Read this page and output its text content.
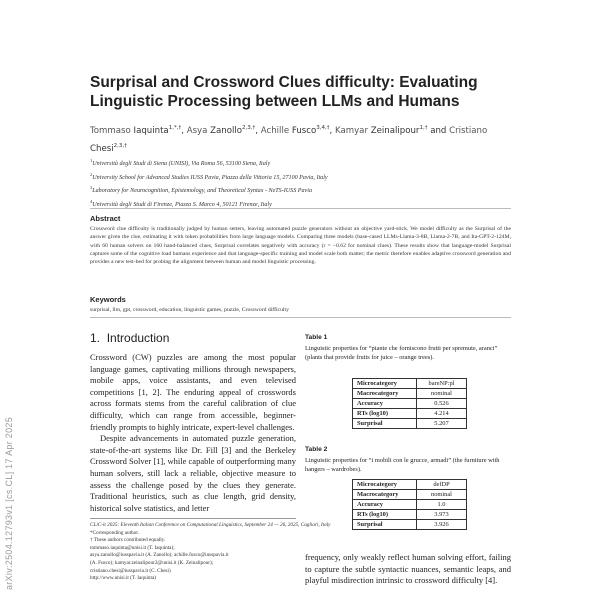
arXiv:2504.12793v1 [cs.CL] 17 Apr 2025
Surprisal and Crossword Clues difficulty: Evaluating Linguistic Processing between LLMs and Humans
Tommaso Iaquinta$^{1,*,\dagger}$, Asya Zanollo$^{2,3,\dagger}$, Achille Fusco$^{3,4,\dagger}$, Kamyar Zeinalipour$^{1,\dagger}$ and Cristiano Chesi$^{2,3,\dagger}$
$^1$Università degli Studi di Siena (UNISI), Via Roma 56, 53100 Siena, Italy
$^2$University School for Advanced Studies IUSS Pavia, Piazza della Vittoria 15, 27100 Pavia, Italy
$^3$Laboratory for Neurocognition, Epistemology, and Theoretical Syntax - NeTS-IUSS Pavia
$^4$Università degli Studi di Firenze, Piazza S. Marco 4, 50121 Firenze, Italy
Abstract
Crossword clue difficulty is traditionally judged by human setters, leaving automated puzzle generators without an objective yard-stick. We model difficulty as the Surprisal of the answer given the clue, estimating it with token probabilities from large language models. Comparing three models (base-cased LLMs-Llama-3-8B, Llama-2-7B, and Ita-GPT-2-124M, with 60 human solvers on 160 hand-balanced clues, Surprisal correlates negatively with accuracy (r = −0.62 for nominal clues). These results show that language-model Surprisal captures some of the cognitive load humans experience and that language-specific training and model scale both matter; the metric therefore enables adaptive crossword generation and provides a new test-bed for probing the alignment between human and model linguistic processing.
Keywords
surprisal, llm, gpt, crossword, education, linguistic games, puzzle, Crossword difficulty
1. Introduction

Crossword (CW) puzzles are among the most popular language games, captivating millions through newspapers, mobile apps, voice assistants, and even televised competitions [1, 2]. The enduring appeal of crosswords across formats stems from the careful calibration of clue difficulty, which can range from accessible, beginner-friendly prompts to highly intricate, expert-level challenges.

Despite advancements in automated puzzle generation, state-of-the-art systems like Dr. Fill [3] and the Berkeley Crossword Solver [1], while capable of outperforming many human solvers, still lack a reliable, objective measure to assess the challenge posed by the clues they generate. Traditional heuristics, such as clue length, grid density, historical solve statistics, and letter

CLiC-it 2025: Eleventh Italian Conference on Computational Linguistics, September 24 — 26, 2025, Cagliari, Italy
*Corresponding author.
† These authors contributed equally.
tommaso.iaquinta@unisi.it (T. Iaquinta);
asya.zanollo@iusspavia.it (A. Zanollo); achille.fusco@iusspavia.it
(A. Fusco); kamyar.zeinalipour2@unisi.it (K. Zeinalipour);
cristiano.chesi@iusspavia.it (C. Chesi)
http://www.unisi.it (T. Iaquinta)
Table 1
Linguistic properties for “piante che forniscono frutti per spremute, aranci” (plants that provide fruits for juice – orange trees).
Microcategory	bareNP:pl
Macrocategory	nominal
Accuracy	0.526
RTs (log10)	4.214
Surprisal	5.207
Table 2
Linguistic properties for “i mobili con le grucce, armadi” (the furniture with hangers – wardrobes).
Microcategory	defDP
Macrocategory	nominal
Accuracy	1.0
RTs (log10)	3.973
Surprisal	3.926
frequency, only weakly reflect human solving effort, failing to capture the subtle syntactic nuances, semantic leaps, and playful misdirection intrinsic to crossword difficulty [4].
